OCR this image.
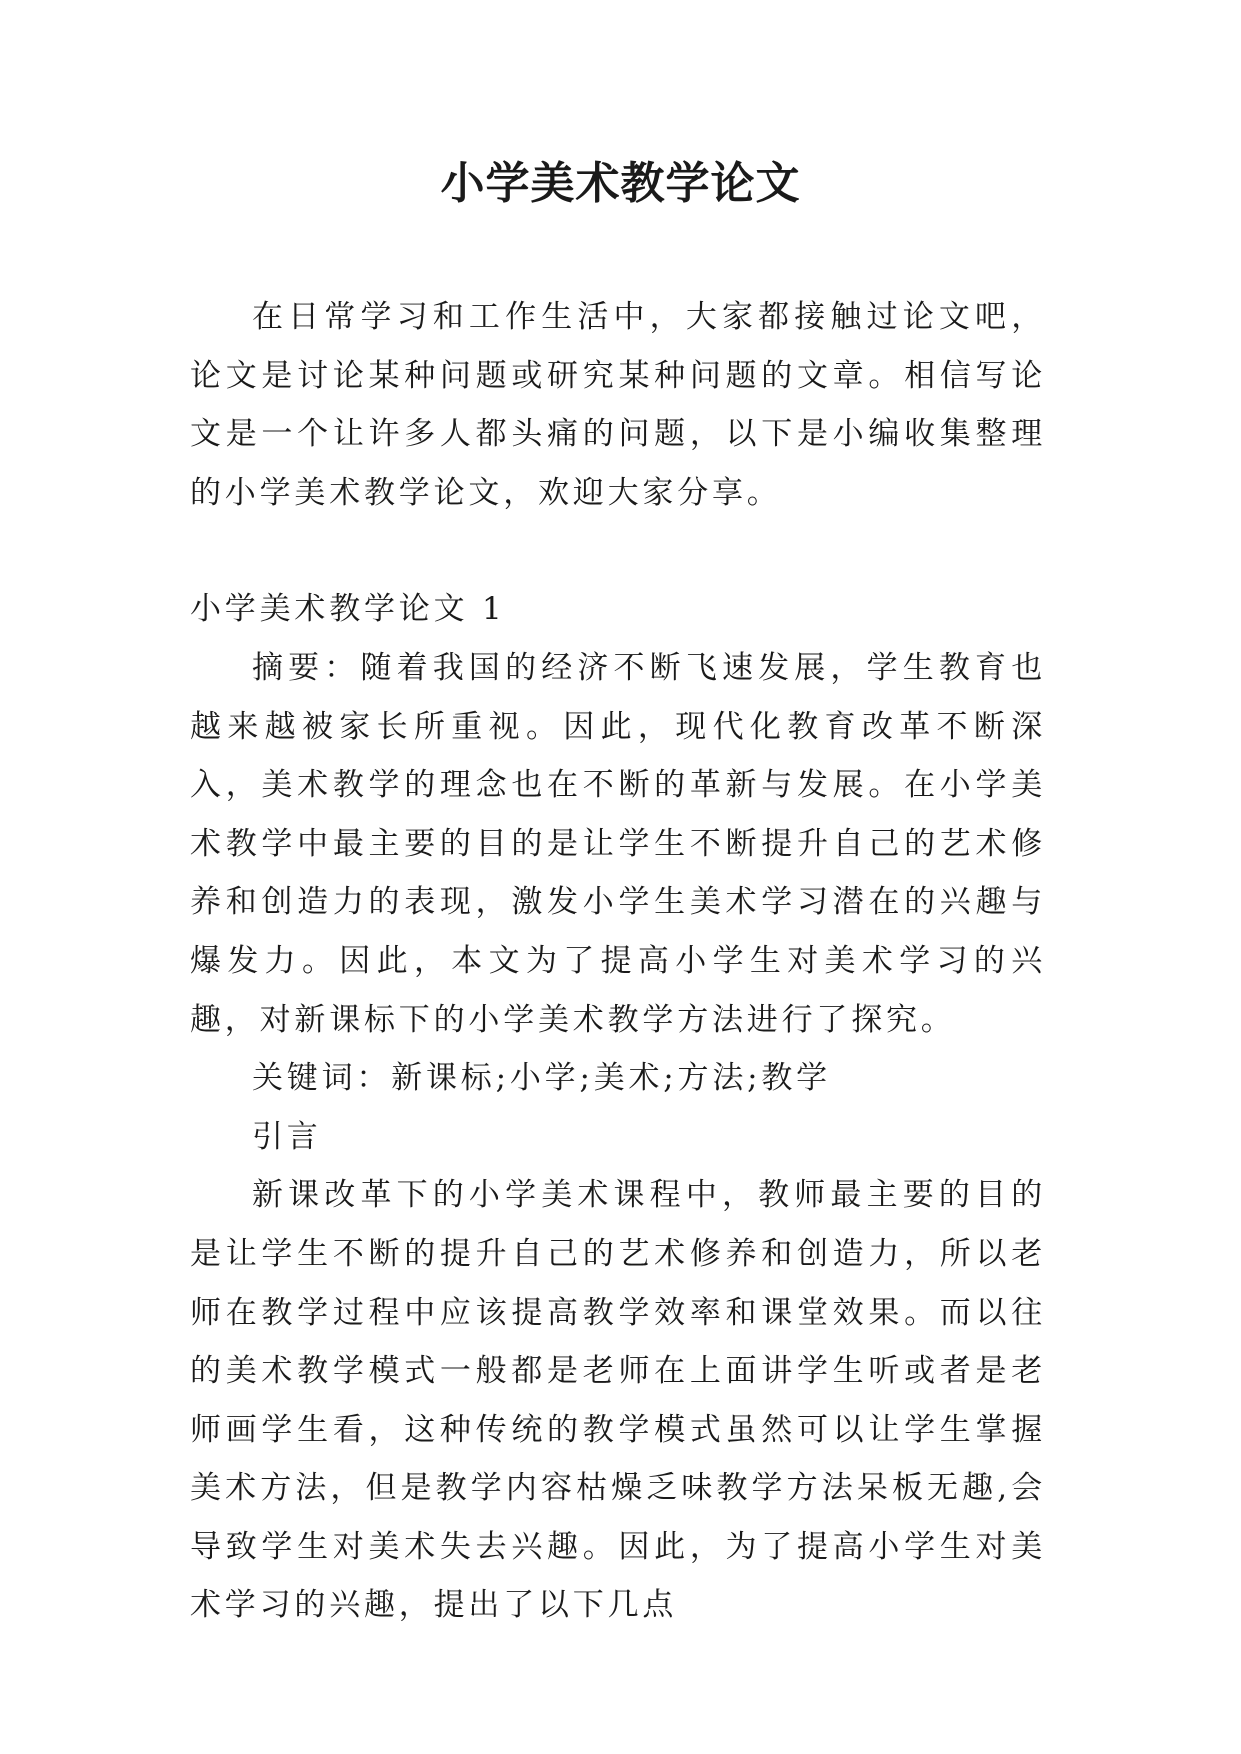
小学美术教学论文

在日常学习和工作生活中，大家都接触过论文吧，论文是讨论某种问题或研究某种问题的文章。相信写论文是一个让许多人都头痛的问题，以下是小编收集整理的小学美术教学论文，欢迎大家分享。

小学美术教学论文 1

摘要：随着我国的经济不断飞速发展，学生教育也越来越被家长所重视。因此，现代化教育改革不断深入，美术教学的理念也在不断的革新与发展。在小学美术教学中最主要的目的是让学生不断提升自己的艺术修养和创造力的表现，激发小学生美术学习潜在的兴趣与爆发力。因此，本文为了提高小学生对美术学习的兴趣，对新课标下的小学美术教学方法进行了探究。

关键词：新课标;小学;美术;方法;教学

引言

新课改革下的小学美术课程中，教师最主要的目的是让学生不断的提升自己的艺术修养和创造力，所以老师在教学过程中应该提高教学效率和课堂效果。而以往的美术教学模式一般都是老师在上面讲学生听或者是老师画学生看，这种传统的教学模式虽然可以让学生掌握美术方法，但是教学内容枯燥乏味教学方法呆板无趣,会导致学生对美术失去兴趣。因此，为了提高小学生对美术学习的兴趣，提出了以下几点
